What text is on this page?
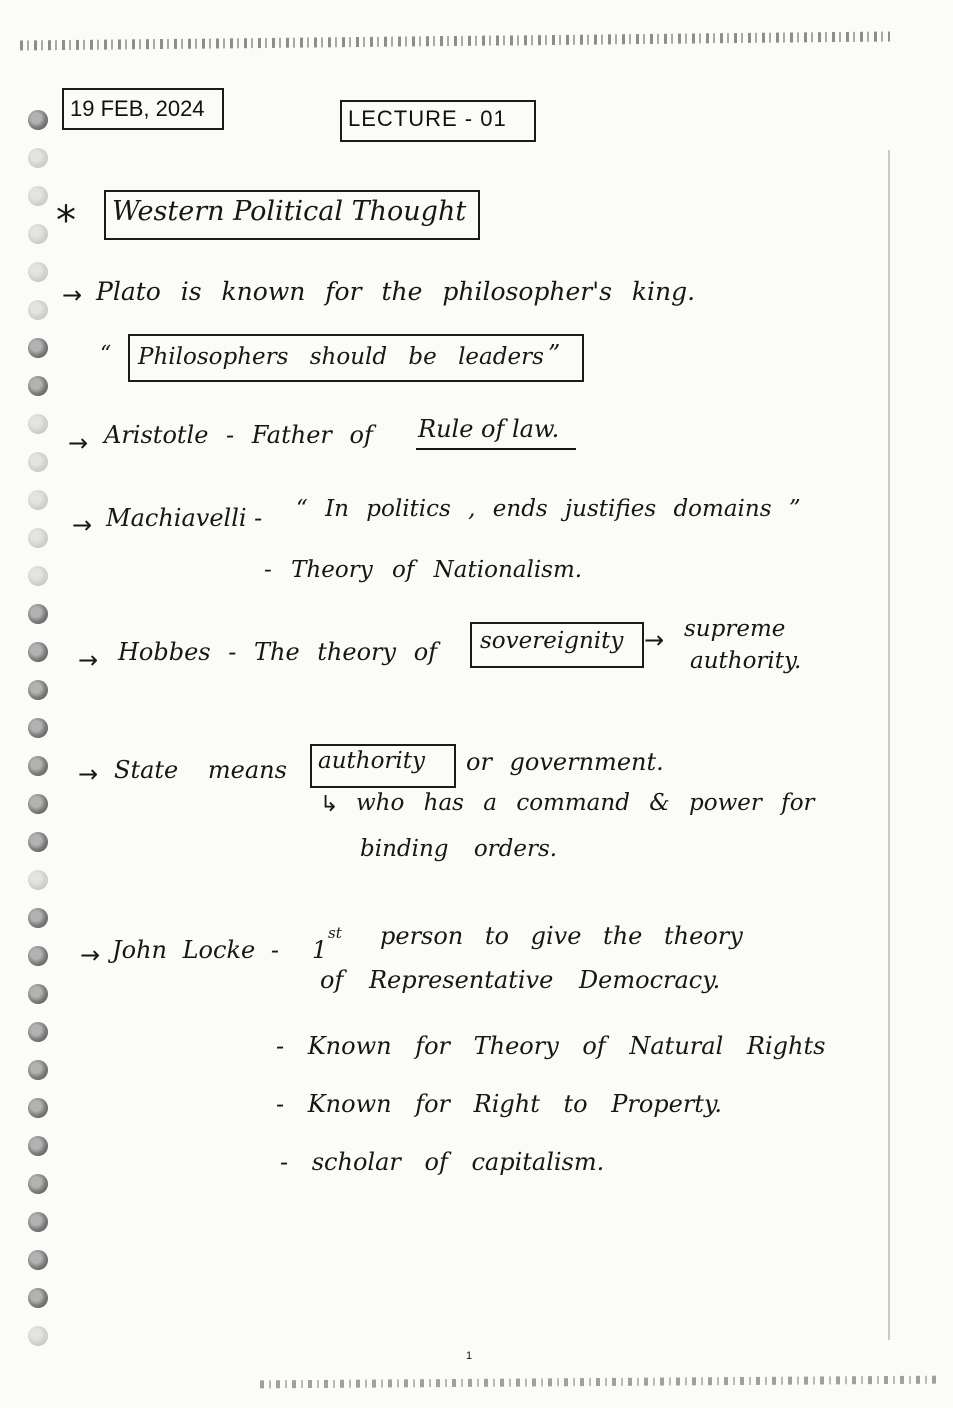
19 FEB, 2024	LECTURE - 01
* Western Political Thought
→ Plato is known for the philosopher's king.
“ Philosophers should be leaders ”
→ Aristotle - Father of Rule of law.
→ Machiavelli - “ In politics , ends justifies domains ”
- Theory of Nationalism.
→ Hobbes - The theory of sovereignity → supreme
authority.
→ State means authority or government.
↳ who has a command & power for
binding orders.
→ John Locke - 1
st person to give the theory
of Representative Democracy.
- Known for Theory of Natural Rights
- Known for Right to Property.
- scholar of capitalism.
1
